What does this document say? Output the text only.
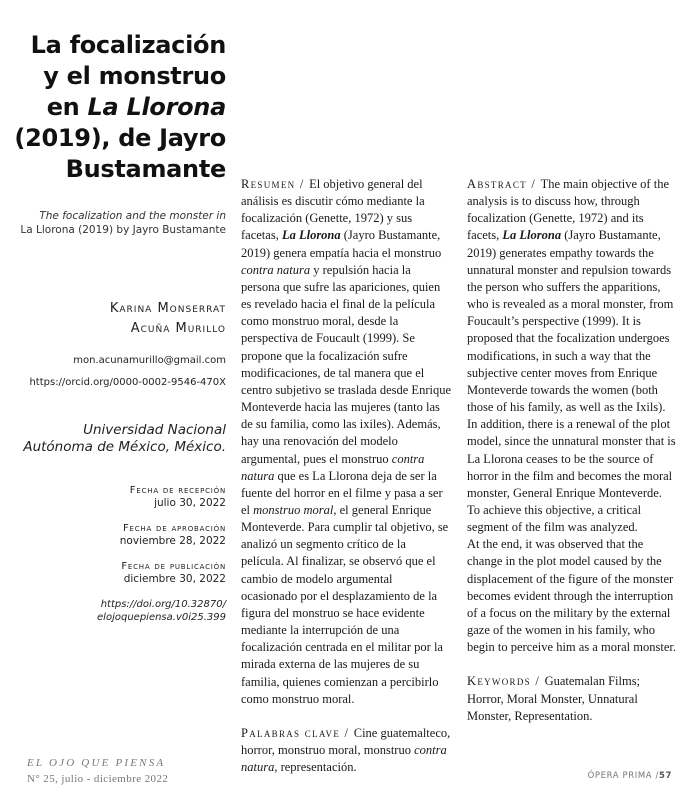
La focalización
y el monstruo
en La Llorona
(2019), de Jayro
Bustamante
The focalization and the monster in
La Llorona (2019) by Jayro Bustamante
Karina Monserrat
Acuña Murillo
mon.acunamurillo@gmail.com
https://orcid.org/0000-0002-9546-470X
Universidad Nacional
Autónoma de México, México.
Fecha de recepción
julio 30, 2022
Fecha de aprobación
noviembre 28, 2022
Fecha de publicación
diciembre 30, 2022
https://doi.org/10.32870/
elojoquepiensa.v0i25.399

Resumen / El objetivo general del análisis es discutir cómo mediante la focalización (Genette, 1972) y sus facetas, La Llorona (Jayro Bustamante, 2019) genera empatía hacia el monstruo contra natura y repulsión hacia la persona que sufre las apariciones, quien es revelado hacia el final de la película como monstruo moral, desde la perspectiva de Foucault (1999). Se propone que la focalización sufre modificaciones, de tal manera que el centro subjetivo se traslada desde Enrique Monteverde hacia las mujeres (tanto las de su familia, como las ixiles). Además, hay una renovación del modelo argumental, pues el monstruo contra natura que es La Llorona deja de ser la fuente del horror en el filme y pasa a ser el monstruo moral, el general Enrique Monteverde. Para cumplir tal objetivo, se analizó un segmento crítico de la película. Al finalizar, se observó que el cambio de modelo argumental ocasionado por el desplazamiento de la figura del monstruo se hace evidente mediante la interrupción de una focalización centrada en el militar por la mirada externa de las mujeres de su familia, quienes comienzan a percibirlo como monstruo moral.

Palabras clave / Cine guatemalteco, horror, monstruo moral, monstruo contra natura, representación.

Abstract / The main objective of the analysis is to discuss how, through focalization (Genette, 1972) and its facets, La Llorona (Jayro Bustamante, 2019) generates empathy towards the unnatural monster and repulsion towards the person who suffers the apparitions, who is revealed as a moral monster, from Foucault’s perspective (1999). It is proposed that the focalization undergoes modifications, in such a way that the subjective center moves from Enrique Monteverde towards the women (both those of his family, as well as the Ixils). In addition, there is a renewal of the plot model, since the unnatural monster that is La Llorona ceases to be the source of horror in the film and becomes the moral monster, General Enrique Monteverde.

To achieve this objective, a critical segment of the film was analyzed.

At the end, it was observed that the change in the plot model caused by the displacement of the figure of the monster becomes evident through the interruption of a focus on the military by the external gaze of the women in his family, who begin to perceive him as a moral monster.

Keywords / Guatemalan Films; Horror, Moral Monster, Unnatural Monster, Representation.

EL OJO QUE PIENSA
N° 25, julio - diciembre 2022	ÓPERA PRIMA /57
